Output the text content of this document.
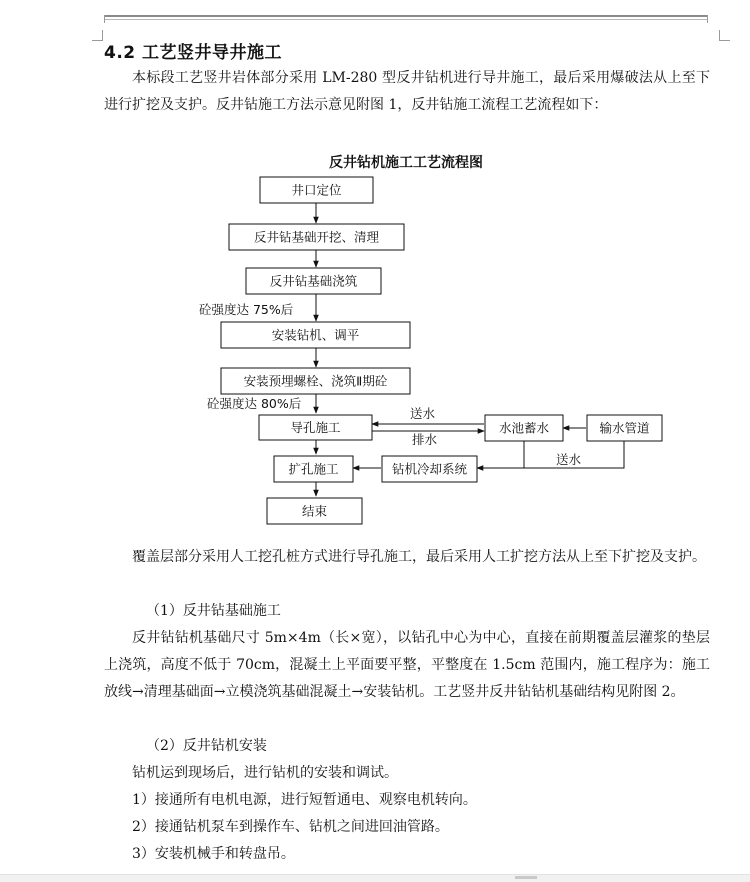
4.2 工艺竖井导井施工

本标段工艺竖井岩体部分采用 LM-280 型反井钻机进行导井施工，最后采用爆破法从上至下进行扩挖及支护。反井钻施工方法示意见附图 1，反井钻施工流程工艺流程如下：

反井钻机施工工艺流程图
井口定位
反井钻基础开挖、清理
反井钻基础浇筑
安装钻机、调平
安装预埋螺栓、浇筑Ⅱ期砼
导孔施工
扩孔施工
结束
水池蓄水	输水管道
钻机冷却系统
砼强度达 75%后
砼强度达 80%后
送水
排水
送水

覆盖层部分采用人工挖孔桩方式进行导孔施工，最后采用人工扩挖方法从上至下扩挖及支护。

（1）反井钻基础施工

反井钻钻机基础尺寸 5m×4m（长×宽），以钻孔中心为中心，直接在前期覆盖层灌浆的垫层上浇筑，高度不低于 70cm，混凝土上平面要平整，平整度在 1.5cm 范围内，施工程序为：施工放线→清理基础面→立模浇筑基础混凝土→安装钻机。工艺竖井反井钻钻机基础结构见附图 2。

（2）反井钻机安装

钻机运到现场后，进行钻机的安装和调试。

1）接通所有电机电源，进行短暂通电、观察电机转向。

2）接通钻机泵车到操作车、钻机之间进回油管路。

3）安装机械手和转盘吊。
